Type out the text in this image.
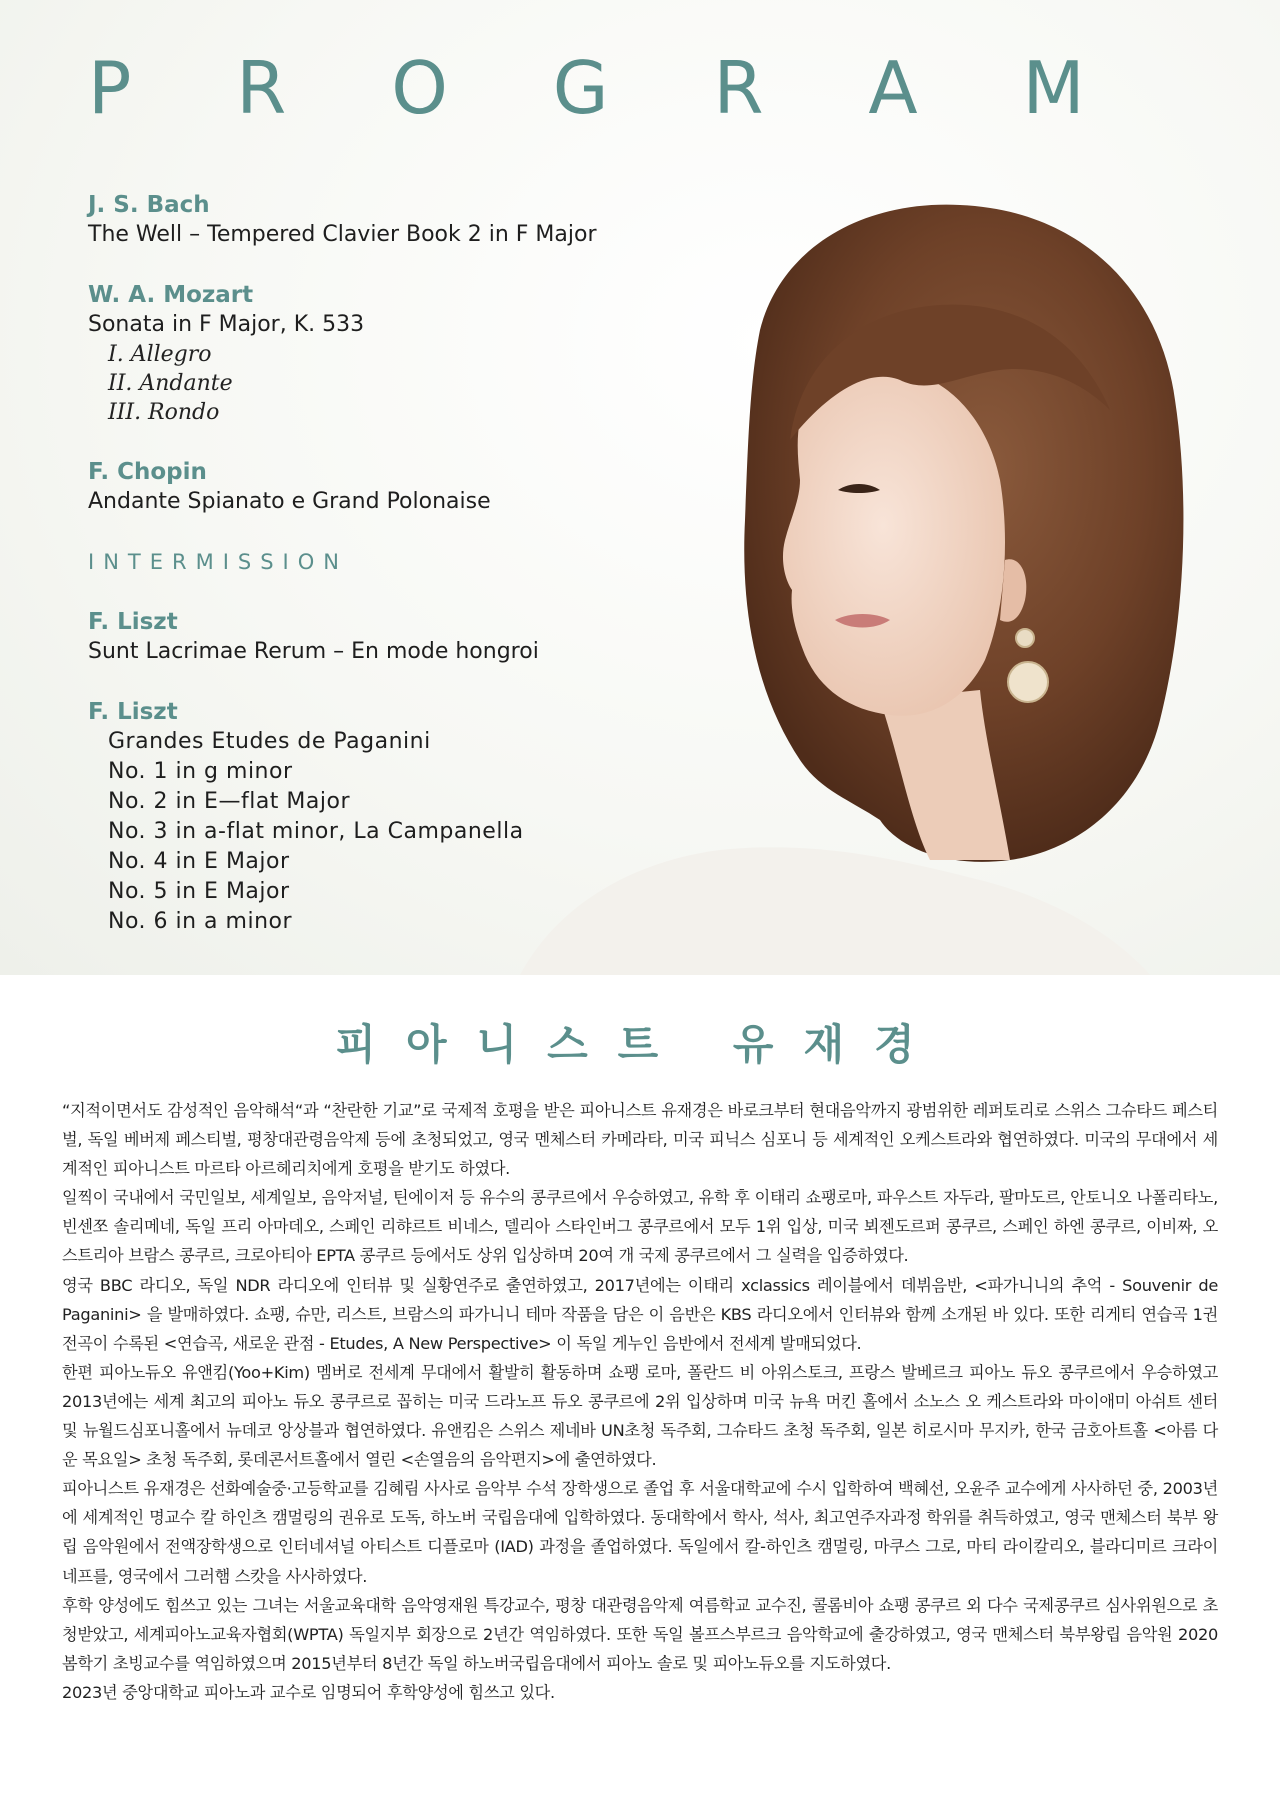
P R O G R A M

J. S. Bach

The Well – Tempered Clavier Book 2 in F Major

W. A. Mozart

Sonata in F Major, K. 533

I. Allegro

II. Andante

III. Rondo

F. Chopin

Andante Spianato e Grand Polonaise

INTERMISSION

F. Liszt

Sunt Lacrimae Rerum – En mode hongroi

F. Liszt

Grandes Etudes de Paganini

No. 1 in g minor

No. 2 in E—flat Major

No. 3 in a-flat minor, La Campanella

No. 4 in E Major

No. 5 in E Major

No. 6 in a minor

피아니스트 유재경

“지적이면서도 감성적인 음악해석“과 “찬란한 기교”로 국제적 호평을 받은 피아니스트 유재경은 바로크부터 현대음악까지 광범위한 레퍼토리로 스위스 그슈타드 페스티벌, 독일 베버제 페스티벌, 평창대관령음악제 등에 초청되었고, 영국 멘체스터 카메라타, 미국 피닉스 심포니 등 세계적인 오케스트라와 협연하였다. 미국의 무대에서 세계적인 피아니스트 마르타 아르헤리치에게 호평을 받기도 하였다.

일찍이 국내에서 국민일보, 세계일보, 음악저널, 틴에이저 등 유수의 콩쿠르에서 우승하였고, 유학 후 이태리 쇼팽로마, 파우스트 자두라, 팔마도르, 안토니오 나폴리타노, 빈센쪼 솔리메네, 독일 프리 아마데오, 스페인 리햐르트 비네스, 델리아 스타인버그 콩쿠르에서 모두 1위 입상, 미국 뵈젠도르퍼 콩쿠르, 스페인 하엔 콩쿠르, 이비짜, 오스트리아 브람스 콩쿠르, 크로아티아 EPTA 콩쿠르 등에서도 상위 입상하며 20여 개 국제 콩쿠르에서 그 실력을 입증하였다.

영국 BBC 라디오, 독일 NDR 라디오에 인터뷰 및 실황연주로 출연하였고, 2017년에는 이태리 xclassics 레이블에서 데뷔음반, <파가니니의 추억 - Souvenir de Paganini> 을 발매하였다. 쇼팽, 슈만, 리스트, 브람스의 파가니니 테마 작품을 담은 이 음반은 KBS 라디오에서 인터뷰와 함께 소개된 바 있다. 또한 리게티 연습곡 1권 전곡이 수록된 <연습곡, 새로운 관점 - Etudes, A New Perspective> 이 독일 게누인 음반에서 전세계 발매되었다.

한편 피아노듀오 유앤킴(Yoo+Kim) 멤버로 전세계 무대에서 활발히 활동하며 쇼팽 로마, 폴란드 비 아위스토크, 프랑스 발베르크 피아노 듀오 콩쿠르에서 우승하였고 2013년에는 세계 최고의 피아노 듀오 콩쿠르로 꼽히는 미국 드라노프 듀오 콩쿠르에 2위 입상하며 미국 뉴욕 머킨 홀에서 소노스 오 케스트라와 마이애미 아쉬트 센터 및 뉴월드심포니홀에서 뉴데코 앙상블과 협연하였다. 유앤킴은 스위스 제네바 UN초청 독주회, 그슈타드 초청 독주회, 일본 히로시마 무지카, 한국 금호아트홀 <아름 다운 목요일> 초청 독주회, 롯데콘서트홀에서 열린 <손열음의 음악편지>에 출연하였다.

피아니스트 유재경은 선화예술중·고등학교를 김혜림 사사로 음악부 수석 장학생으로 졸업 후 서울대학교에 수시 입학하여 백혜선, 오윤주 교수에게 사사하던 중, 2003년에 세계적인 명교수 칼 하인츠 캠멀링의 권유로 도독, 하노버 국립음대에 입학하였다. 동대학에서 학사, 석사, 최고연주자과정 학위를 취득하였고, 영국 맨체스터 북부 왕립 음악원에서 전액장학생으로 인터네셔널 아티스트 디플로마 (IAD) 과정을 졸업하였다. 독일에서 칼-하인츠 캠멀링, 마쿠스 그로, 마티 라이칼리오, 블라디미르 크라이네프를, 영국에서 그러햄 스캇을 사사하였다.

후학 양성에도 힘쓰고 있는 그녀는 서울교육대학 음악영재원 특강교수, 평창 대관령음악제 여름학교 교수진, 콜롬비아 쇼팽 콩쿠르 외 다수 국제콩쿠르 심사위원으로 초청받았고, 세계피아노교육자협회(WPTA) 독일지부 회장으로 2년간 역임하였다. 또한 독일 볼프스부르크 음악학교에 출강하였고, 영국 맨체스터 북부왕립 음악원 2020 봄학기 초빙교수를 역임하였으며 2015년부터 8년간 독일 하노버국립음대에서 피아노 솔로 및 피아노듀오를 지도하였다.

2023년 중앙대학교 피아노과 교수로 임명되어 후학양성에 힘쓰고 있다.
